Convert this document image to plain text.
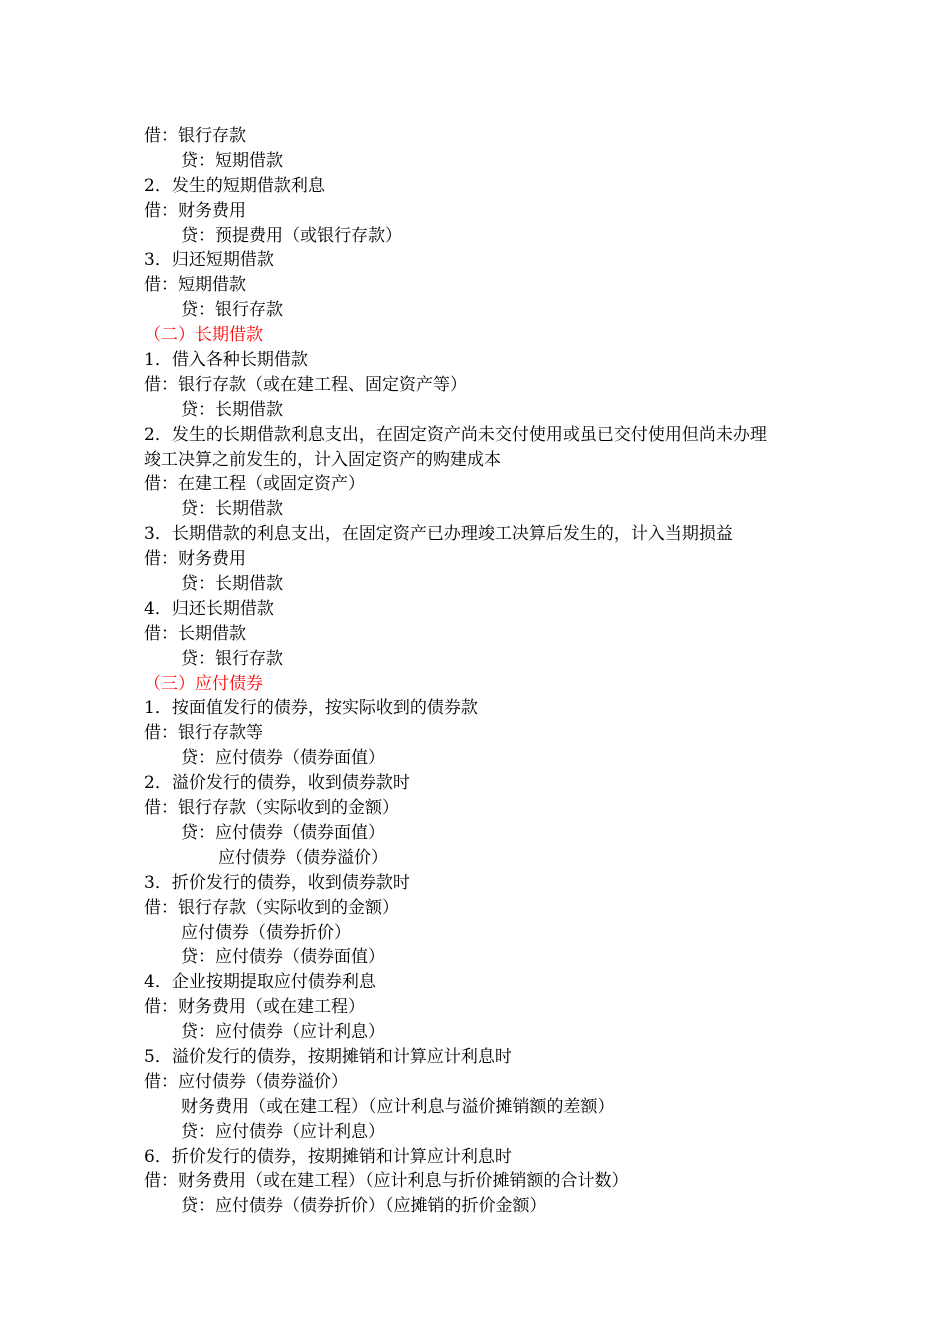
借：银行存款
贷：短期借款
2．发生的短期借款利息
借：财务费用
贷：预提费用（或银行存款）
3．归还短期借款
借：短期借款
贷：银行存款
（二）长期借款
1．借入各种长期借款
借：银行存款（或在建工程、固定资产等）
贷：长期借款
2．发生的长期借款利息支出，在固定资产尚未交付使用或虽已交付使用但尚未办理
竣工决算之前发生的，计入固定资产的购建成本
借：在建工程（或固定资产）
贷：长期借款
3．长期借款的利息支出，在固定资产已办理竣工决算后发生的，计入当期损益
借：财务费用
贷：长期借款
4．归还长期借款
借：长期借款
贷：银行存款
（三）应付债券
1．按面值发行的债券，按实际收到的债券款
借：银行存款等
贷：应付债券（债券面值）
2．溢价发行的债券，收到债券款时
借：银行存款（实际收到的金额）
贷：应付债券（债券面值）
应付债券（债券溢价）
3．折价发行的债券，收到债券款时
借：银行存款（实际收到的金额）
应付债券（债券折价）
贷：应付债券（债券面值）
4．企业按期提取应付债券利息
借：财务费用（或在建工程）
贷：应付债券（应计利息）
5．溢价发行的债券，按期摊销和计算应计利息时
借：应付债券（债券溢价）
财务费用（或在建工程）（应计利息与溢价摊销额的差额）
贷：应付债券（应计利息）
6．折价发行的债券，按期摊销和计算应计利息时
借：财务费用（或在建工程）（应计利息与折价摊销额的合计数）
贷：应付债券（债券折价）（应摊销的折价金额）
